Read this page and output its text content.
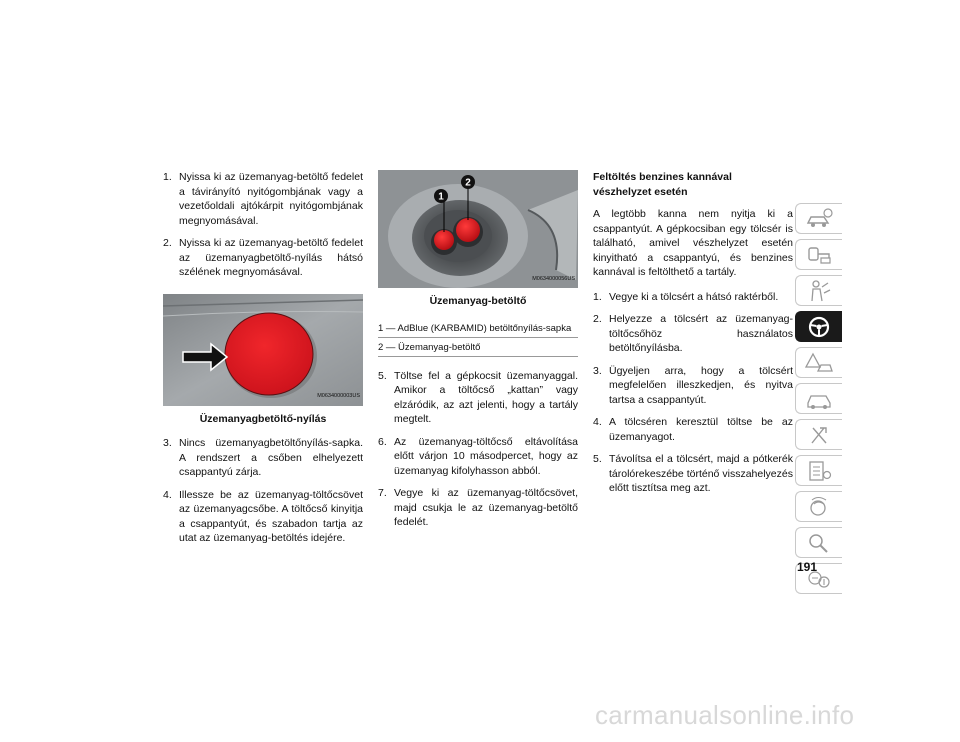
1. Nyissa ki az üzemanyag-betöltő fedelet a távirányító nyitógombjának vagy a vezetőoldali ajtókárpit nyitógombjának megnyomásával.
2. Nyissa ki az üzemanyag-betöltő fedelet az üzemanyagbetöltő-nyílás hátsó szélének megnyomásával.
M0634000003US
Üzemanyagbetöltő-nyílás
3. Nincs üzemanyagbetöltőnyílás-sapka. A rendszert a csőben elhelyezett csappantyú zárja.
4. Illessze be az üzemanyag-töltőcsövet az üzemanyagcsőbe. A töltőcső kinyitja a csappantyút, és szabadon tartja az utat az üzemanyag-betöltés idejére.
1
2
M0634000056US
Üzemanyag-betöltő
1 — AdBlue (KARBAMID) betöltőnyílás-sapka
2 — Üzemanyag-betöltő
5. Töltse fel a gépkocsit üzemanyaggal. Amikor a töltőcső „kattan” vagy elzáródik, az azt jelenti, hogy a tartály megtelt.
6. Az üzemanyag-töltőcső eltávolítása előtt várjon 10 másodpercet, hogy az üzemanyag kifolyhasson abból.
7. Vegye ki az üzemanyag-töltőcsövet, majd csukja le az üzemanyag-betöltő fedelét.
Feltöltés benzines kannával vészhelyzet esetén

A legtöbb kanna nem nyitja ki a csappantyút. A gépkocsiban egy tölcsér is található, amivel vészhelyzet esetén kinyitható a csappantyú, és benzines kannával is feltölthető a tartály.

1. Vegye ki a tölcsért a hátsó raktérből.
2. Helyezze a tölcsért az üzemanyag-töltőcsőhöz használatos betöltőnyílásba.
3. Ügyeljen arra, hogy a tölcsért megfelelően illeszkedjen, és nyitva tartsa a csappantyút.
4. A tölcséren keresztül töltse be az üzemanyagot.
5. Távolítsa el a tölcsért, majd a pótkerék tárolórekeszébe történő visszahelyezés előtt tisztítsa meg azt.
191
carmanualsonline.info
